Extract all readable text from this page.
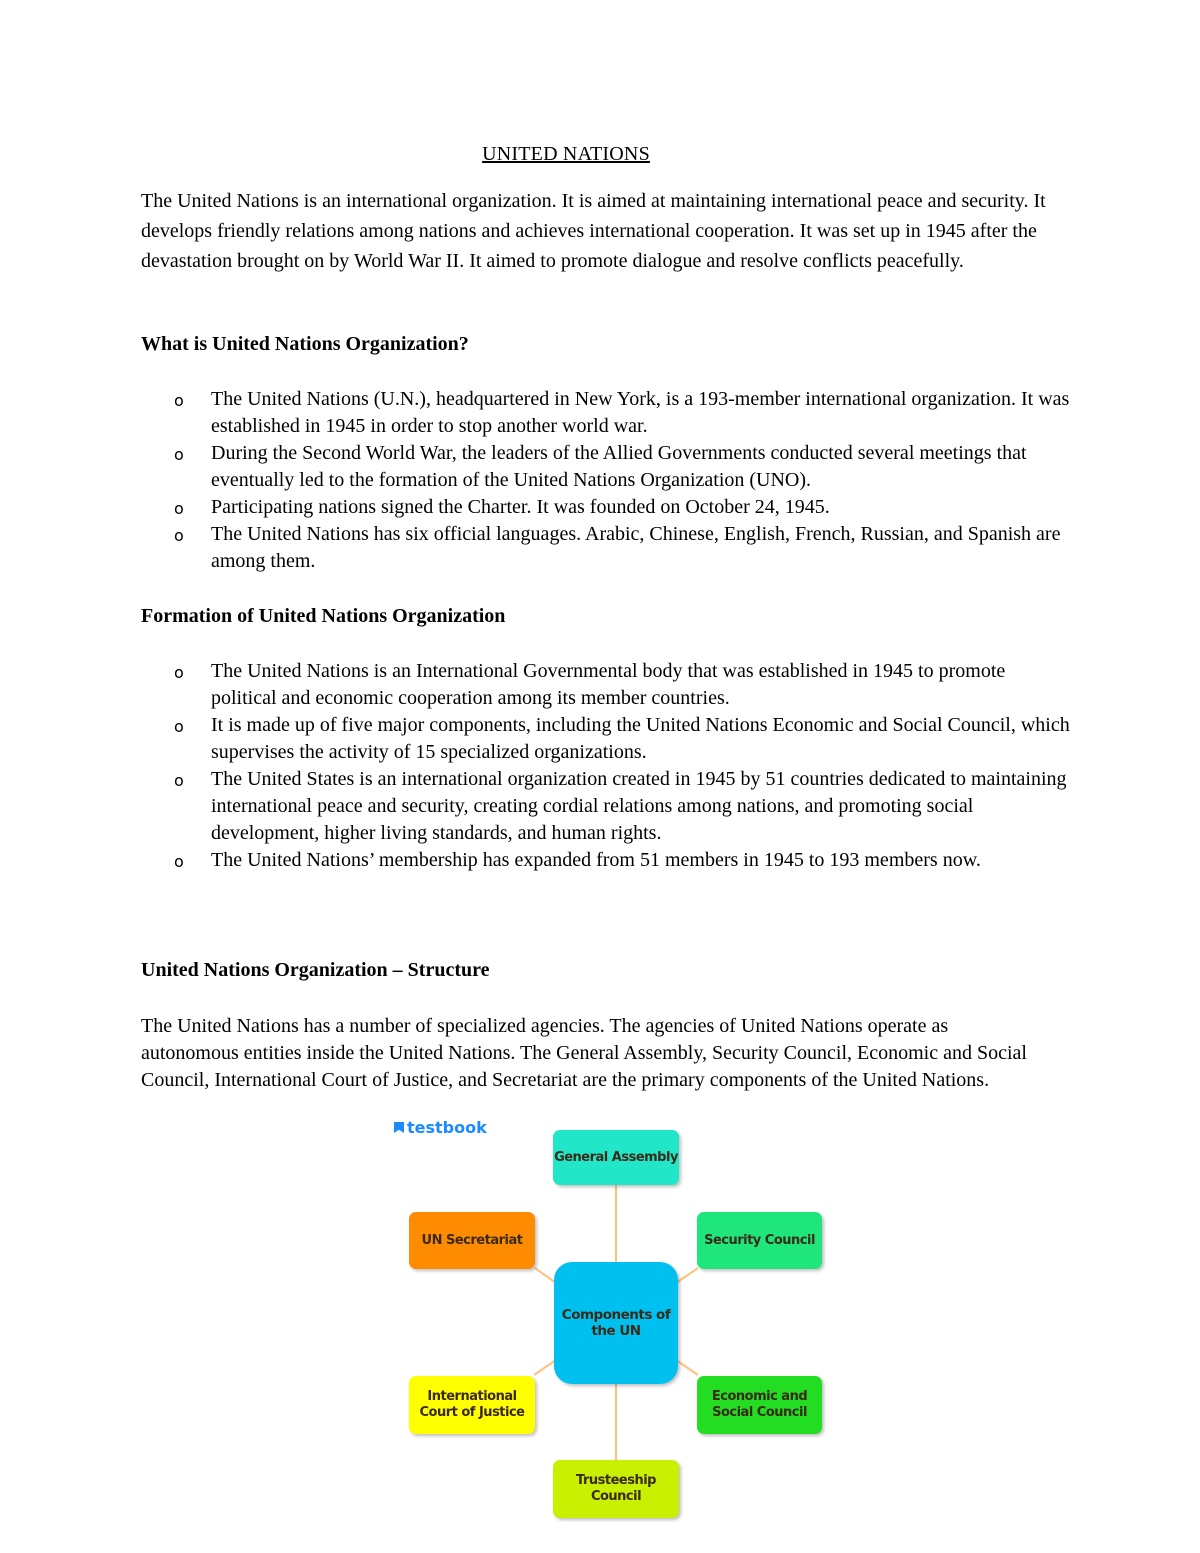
UNITED NATIONS
The United Nations is an international organization. It is aimed at maintaining international peace and security. It develops friendly relations among nations and achieves international cooperation. It was set up in 1945 after the devastation brought on by World War II. It aimed to promote dialogue and resolve conflicts peacefully.
What is United Nations Organization?
o The United Nations (U.N.), headquartered in New York, is a 193-member international organization. It was established in 1945 in order to stop another world war.
o During the Second World War, the leaders of the Allied Governments conducted several meetings that eventually led to the formation of the United Nations Organization (UNO).
o Participating nations signed the Charter. It was founded on October 24, 1945.
o The United Nations has six official languages. Arabic, Chinese, English, French, Russian, and Spanish are among them.
Formation of United Nations Organization
o The United Nations is an International Governmental body that was established in 1945 to promote political and economic cooperation among its member countries.
o It is made up of five major components, including the United Nations Economic and Social Council, which supervises the activity of 15 specialized organizations.
o The United States is an international organization created in 1945 by 51 countries dedicated to maintaining international peace and security, creating cordial relations among nations, and promoting social development, higher living standards, and human rights.
o The United Nations’ membership has expanded from 51 members in 1945 to 193 members now.
United Nations Organization – Structure
The United Nations has a number of specialized agencies. The agencies of United Nations operate as autonomous entities inside the United Nations. The General Assembly, Security Council, Economic and Social Council, International Court of Justice, and Secretariat are the primary components of the United Nations.
testbook
Components of the UN
General Assembly
Security Council
UN Secretariat
International Court of Justice
Economic and Social Council
Trusteeship Council
